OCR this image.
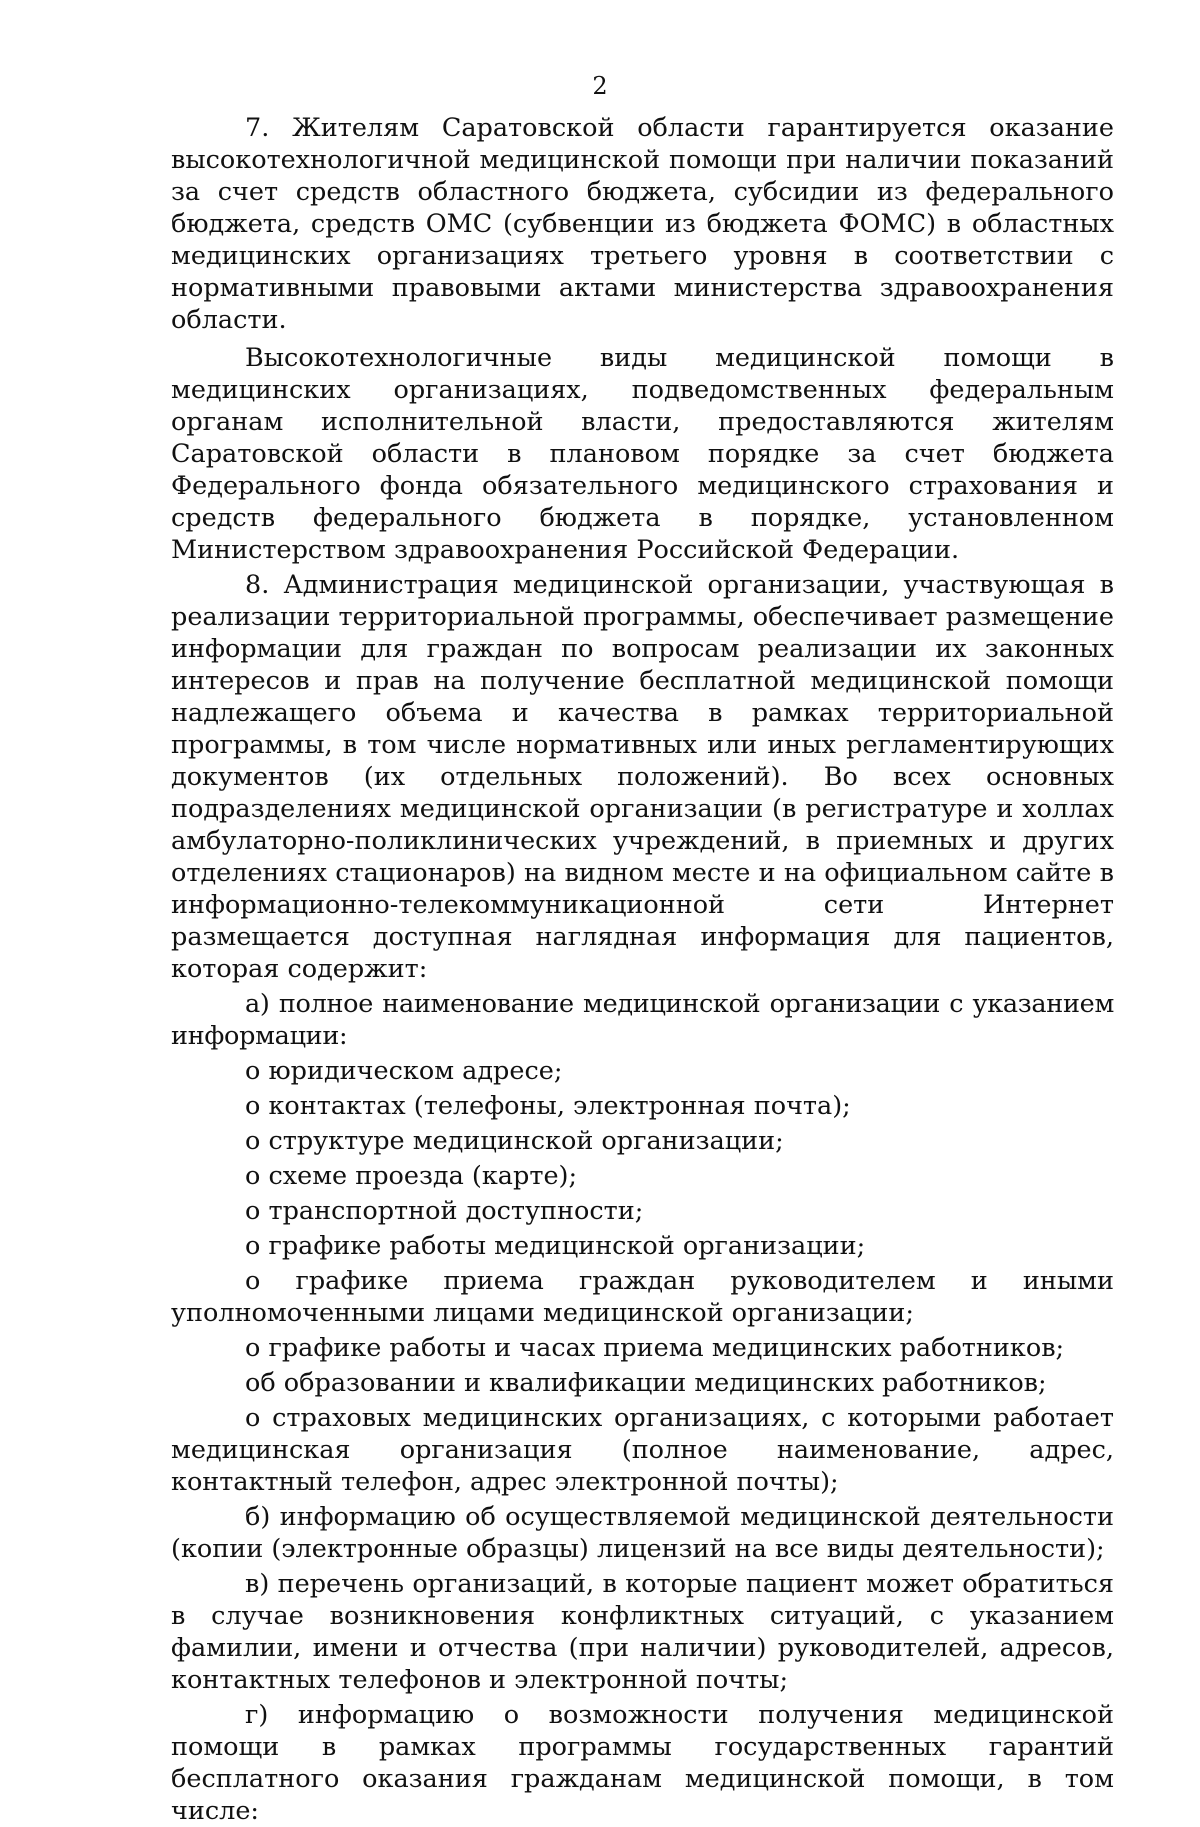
2

7. Жителям Саратовской области гарантируется оказание высокотехнологичной медицинской помощи при наличии показаний за счет средств областного бюджета, субсидии из федерального бюджета, средств ОМС (субвенции из бюджета ФОМС) в областных медицинских организациях третьего уровня в соответствии с нормативными правовыми актами министерства здравоохранения области.

Высокотехнологичные виды медицинской помощи в медицинских организациях, подведомственных федеральным органам исполнительной власти, предоставляются жителям Саратовской области в плановом порядке за счет бюджета Федерального фонда обязательного медицинского страхования и средств федерального бюджета в порядке, установленном Министерством здравоохранения Российской Федерации.

8. Администрация медицинской организации, участвующая в реализации территориальной программы, обеспечивает размещение информации для граждан по вопросам реализации их законных интересов и прав на получение бесплатной медицинской помощи надлежащего объема и качества в рамках территориальной программы, в том числе нормативных или иных регламентирующих документов (их отдельных положений). Во всех основных подразделениях медицинской организации (в регистратуре и холлах амбулаторно-поликлинических учреждений, в приемных и других отделениях стационаров) на видном месте и на официальном сайте в информационно-телекоммуникационной сети Интернет размещается доступная наглядная информация для пациентов, которая содержит:

а) полное наименование медицинской организации с указанием информации:

о юридическом адресе;

о контактах (телефоны, электронная почта);

о структуре медицинской организации;

о схеме проезда (карте);

о транспортной доступности;

о графике работы медицинской организации;

о графике приема граждан руководителем и иными уполномоченными лицами медицинской организации;

о графике работы и часах приема медицинских работников;

об образовании и квалификации медицинских работников;

о страховых медицинских организациях, с которыми работает медицинская организация (полное наименование, адрес, контактный телефон, адрес электронной почты);

б) информацию об осуществляемой медицинской деятельности (копии (электронные образцы) лицензий на все виды деятельности);

в) перечень организаций, в которые пациент может обратиться в случае возникновения конфликтных ситуаций, с указанием фамилии, имени и отчества (при наличии) руководителей, адресов, контактных телефонов и электронной почты;

г) информацию о возможности получения медицинской помощи в рамках программы государственных гарантий бесплатного оказания гражданам медицинской помощи, в том числе:
